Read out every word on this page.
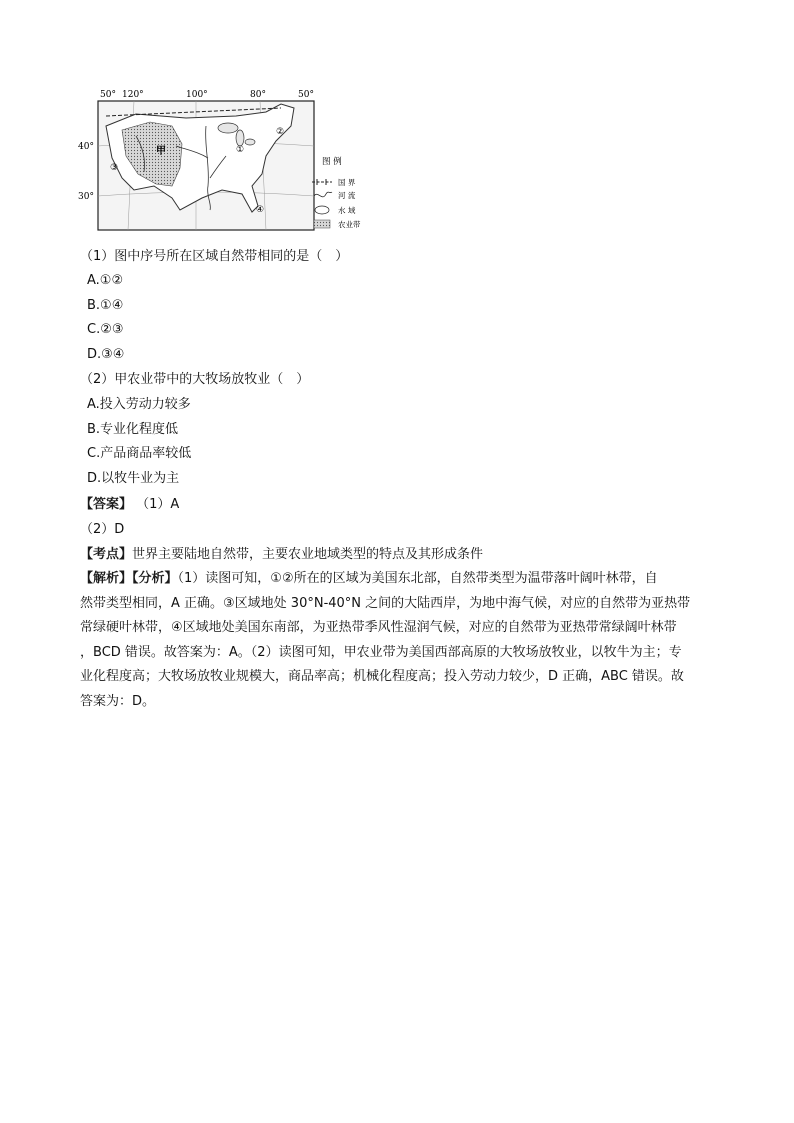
50° 120°	100°	80°	50°
40°
30°
甲	①
②
③
④
图 例
国 界
河 流
水 域
农业带
（1）图中序号所在区域自然带相同的是（　）
A.①②
B.①④
C.②③
D.③④
（2）甲农业带中的大牧场放牧业（　）
A.投入劳动力较多
B.专业化程度低
C.产品商品率较低
D.以牧牛业为主
【答案】 （1）A
（2）D
【考点】世界主要陆地自然带，主要农业地域类型的特点及其形成条件
【解析】【分析】（1）读图可知，①②所在的区域为美国东北部，自然带类型为温带落叶阔叶林带，自
然带类型相同，A 正确。③区域地处 30°N-40°N 之间的大陆西岸，为地中海气候，对应的自然带为亚热带
常绿硬叶林带，④区域地处美国东南部，为亚热带季风性湿润气候，对应的自然带为亚热带常绿阔叶林带
，BCD 错误。故答案为：A。（2）读图可知，甲农业带为美国西部高原的大牧场放牧业，以牧牛为主；专
业化程度高；大牧场放牧业规模大，商品率高；机械化程度高；投入劳动力较少，D 正确，ABC 错误。故
答案为：D。
